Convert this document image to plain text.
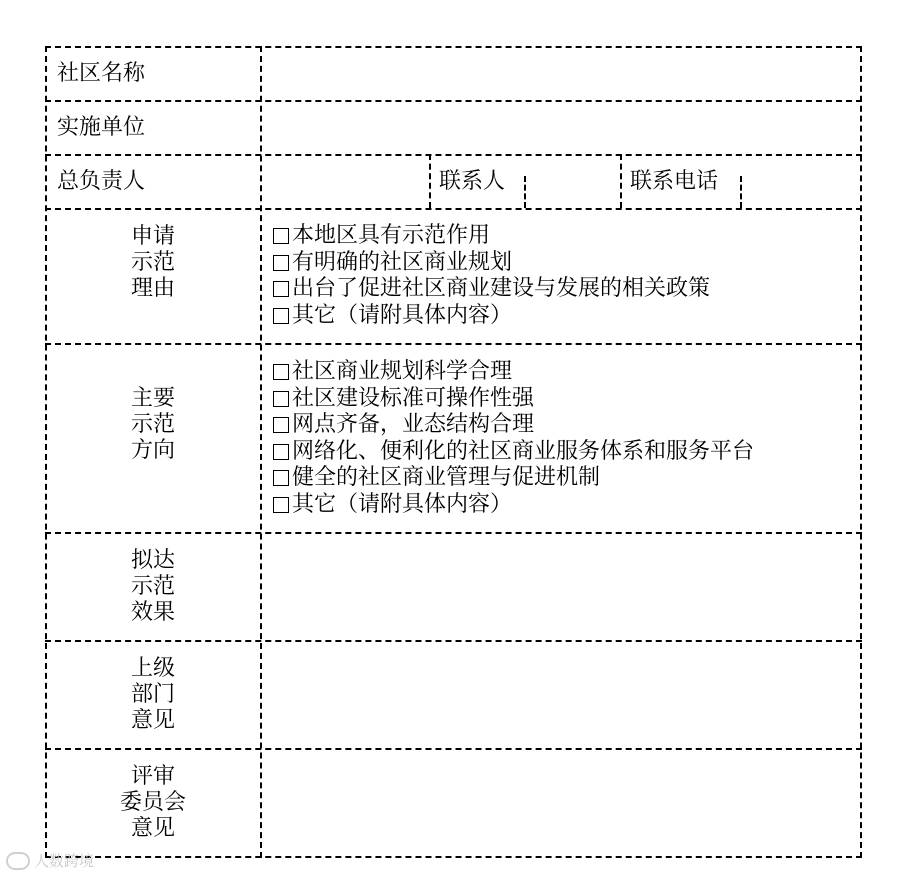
社区名称
实施单位
总负责人	联系人	联系电话
申请
示范
理由
本地区具有示范作用
有明确的社区商业规划
出台了促进社区商业建设与发展的相关政策
其它（请附具体内容）
主要
示范
方向
社区商业规划科学合理
社区建设标准可操作性强
网点齐备，业态结构合理
网络化、便利化的社区商业服务体系和服务平台
健全的社区商业管理与促进机制
其它（请附具体内容）
拟达
示范
效果
上级
部门
意见
评审
委员会
意见
人数跨境
